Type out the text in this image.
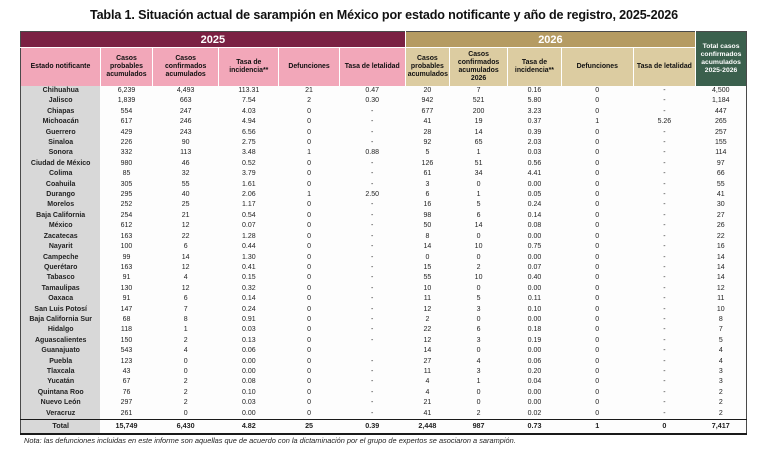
Tabla 1. Situación actual de sarampión en México por estado notificante y año de registro, 2025-2026
2025						2026					Total casos confirmados acumulados 2025-2026
Estado notificante	Casos probables acumulados	Casos confirmados acumulados	Tasa de incidencia**	Defunciones	Tasa de letalidad	Casos probables acumulados	Casos confirmados acumulados 2026	Tasa de incidencia**	Defunciones	Tasa de letalidad	
Chihuahua	6,239	4,493	113.31	21	0.47	20	7	0.16	0	-	4,500
Jalisco	1,839	663	7.54	2	0.30	942	521	5.80	0	-	1,184
Chiapas	554	247	4.03	0	-	677	200	3.23	0	-	447
Michoacán	617	246	4.94	0	-	41	19	0.37	1	5.26	265
Guerrero	429	243	6.56	0	-	28	14	0.39	0	-	257
Sinaloa	226	90	2.75	0	-	92	65	2.03	0	-	155
Sonora	332	113	3.48	1	0.88	5	1	0.03	0	-	114
Ciudad de México	980	46	0.52	0	-	126	51	0.56	0	-	97
Colima	85	32	3.79	0	-	61	34	4.41	0	-	66
Coahuila	305	55	1.61	0	-	3	0	0.00	0	-	55
Durango	295	40	2.06	1	2.50	6	1	0.05	0	-	41
Morelos	252	25	1.17	0	-	16	5	0.24	0	-	30
Baja California	254	21	0.54	0	-	98	6	0.14	0	-	27
México	612	12	0.07	0	-	50	14	0.08	0	-	26
Zacatecas	163	22	1.28	0	-	8	0	0.00	0	-	22
Nayarit	100	6	0.44	0	-	14	10	0.75	0	-	16
Campeche	99	14	1.30	0	-	0	0	0.00	0	-	14
Querétaro	163	12	0.41	0	-	15	2	0.07	0	-	14
Tabasco	91	4	0.15	0	-	55	10	0.40	0	-	14
Tamaulipas	130	12	0.32	0	-	10	0	0.00	0	-	12
Oaxaca	91	6	0.14	0	-	11	5	0.11	0	-	11
San Luis Potosí	147	7	0.24	0	-	12	3	0.10	0	-	10
Baja California Sur	68	8	0.91	0	-	2	0	0.00	0	-	8
Hidalgo	118	1	0.03	0	-	22	6	0.18	0	-	7
Aguascalientes	150	2	0.13	0	-	12	3	0.19	0	-	5
Guanajuato	543	4	0.06	0		14	0	0.00	0	-	4
Puebla	123	0	0.00	0	-	27	4	0.06	0	-	4
Tlaxcala	43	0	0.00	0	-	11	3	0.20	0	-	3
Yucatán	67	2	0.08	0	-	4	1	0.04	0	-	3
Quintana Roo	76	2	0.10	0	-	4	0	0.00	0	-	2
Nuevo León	297	2	0.03	0	-	21	0	0.00	0	-	2
Veracruz	261	0	0.00	0	-	41	2	0.02	0	-	2
Total	15,749	6,430	4.82	25	0.39	2,448	987	0.73	1	0	7,417
Nota: las defunciones incluidas en este informe son aquellas que de acuerdo con la dictaminación por el grupo de expertos se asociaron a sarampión.
